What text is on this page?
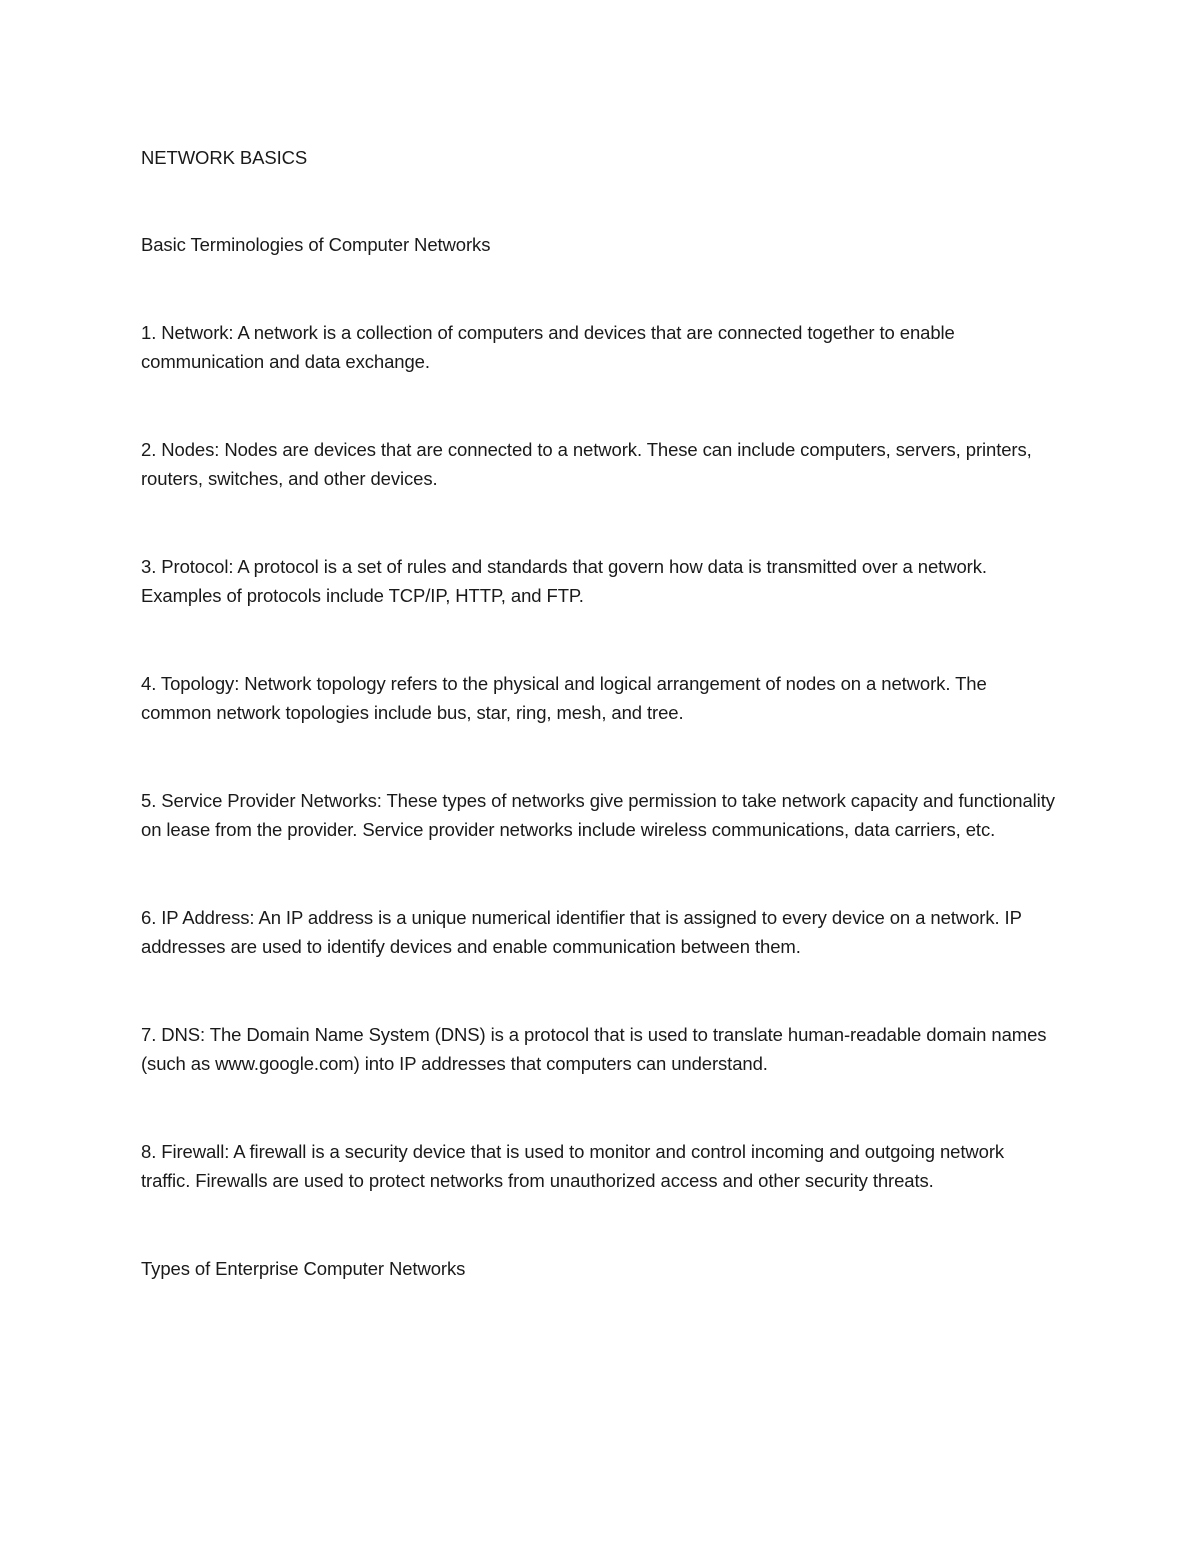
NETWORK BASICS
Basic Terminologies of Computer Networks

1. Network: A network is a collection of computers and devices that are connected together to enable communication and data exchange.

2. Nodes: Nodes are devices that are connected to a network. These can include computers, servers, printers, routers, switches, and other devices.

3. Protocol: A protocol is a set of rules and standards that govern how data is transmitted over a network. Examples of protocols include TCP/IP, HTTP, and FTP.

4. Topology: Network topology refers to the physical and logical arrangement of nodes on a network. The common network topologies include bus, star, ring, mesh, and tree.

5. Service Provider Networks: These types of networks give permission to take network capacity and functionality on lease from the provider. Service provider networks include wireless communications, data carriers, etc.

6. IP Address: An IP address is a unique numerical identifier that is assigned to every device on a network. IP addresses are used to identify devices and enable communication between them.

7. DNS: The Domain Name System (DNS) is a protocol that is used to translate human-readable domain names (such as www.google.com) into IP addresses that computers can understand.

8. Firewall: A firewall is a security device that is used to monitor and control incoming and outgoing network traffic. Firewalls are used to protect networks from unauthorized access and other security threats.

Types of Enterprise Computer Networks
